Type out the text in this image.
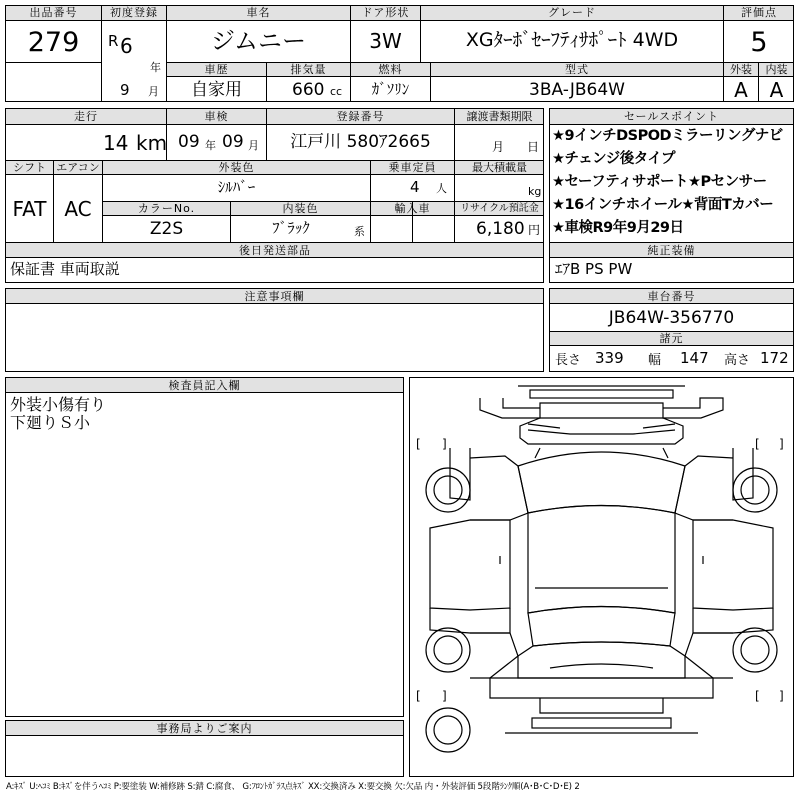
出品番号
279
初度登録
R 6
年
9 月
車名
ジムニー
ドア形状
3W
グレード
XGﾀｰﾎﾞｾｰﾌﾃｨｻﾎﾟｰﾄ 4WD
評価点
5
車歴
自家用
排気量
660 cc
燃料
ｶﾞｿﾘﾝ
型式
3BA-JB64W
外装
A
内装
A
走行
14 km
車検
09 年 09 月
登録番号
江戸川 580ｱ2665
譲渡書類期限
月 日
シフト
FAT
エアコン
AC
外装色
ｼﾙﾊﾞｰ
乗車定員
4 人
最大積載量
kg
カラーNo.
Z2S
内装色
ﾌﾞﾗｯｸ	系
輸入車	リサイクル預託金
6,180 円
後日発送部品
保証書 車両取説
セールスポイント
★9インチDSPODミラーリングナビ
★チェンジ後タイプ
★セーフティサポート★Pセンサー
★16インチホイール★背面Tカバー
★車検R9年9月29日
純正装備
ｴｱB PS PW
注意事項欄	車台番号
JB64W-356770
諸元
長さ 339 幅 147 高さ 172
検査員記入欄
外装小傷有り
下廻りＳ小
事務局よりご案内
[ ]	[ ]
[ ]	[ ]
A:ｷｽﾞ U:ﾍｺﾐ B:ｷｽﾞを伴うﾍｺﾐ P:要塗装 W:補修跡 S:錆 C:腐食、 G:ﾌﾛﾝﾄｶﾞﾗｽ点ｷｽﾞ XX:交換済み X:要交換 欠:欠品 内・外装評価 5段階ﾗﾝｸ順(A･B･C･D･E) 2
